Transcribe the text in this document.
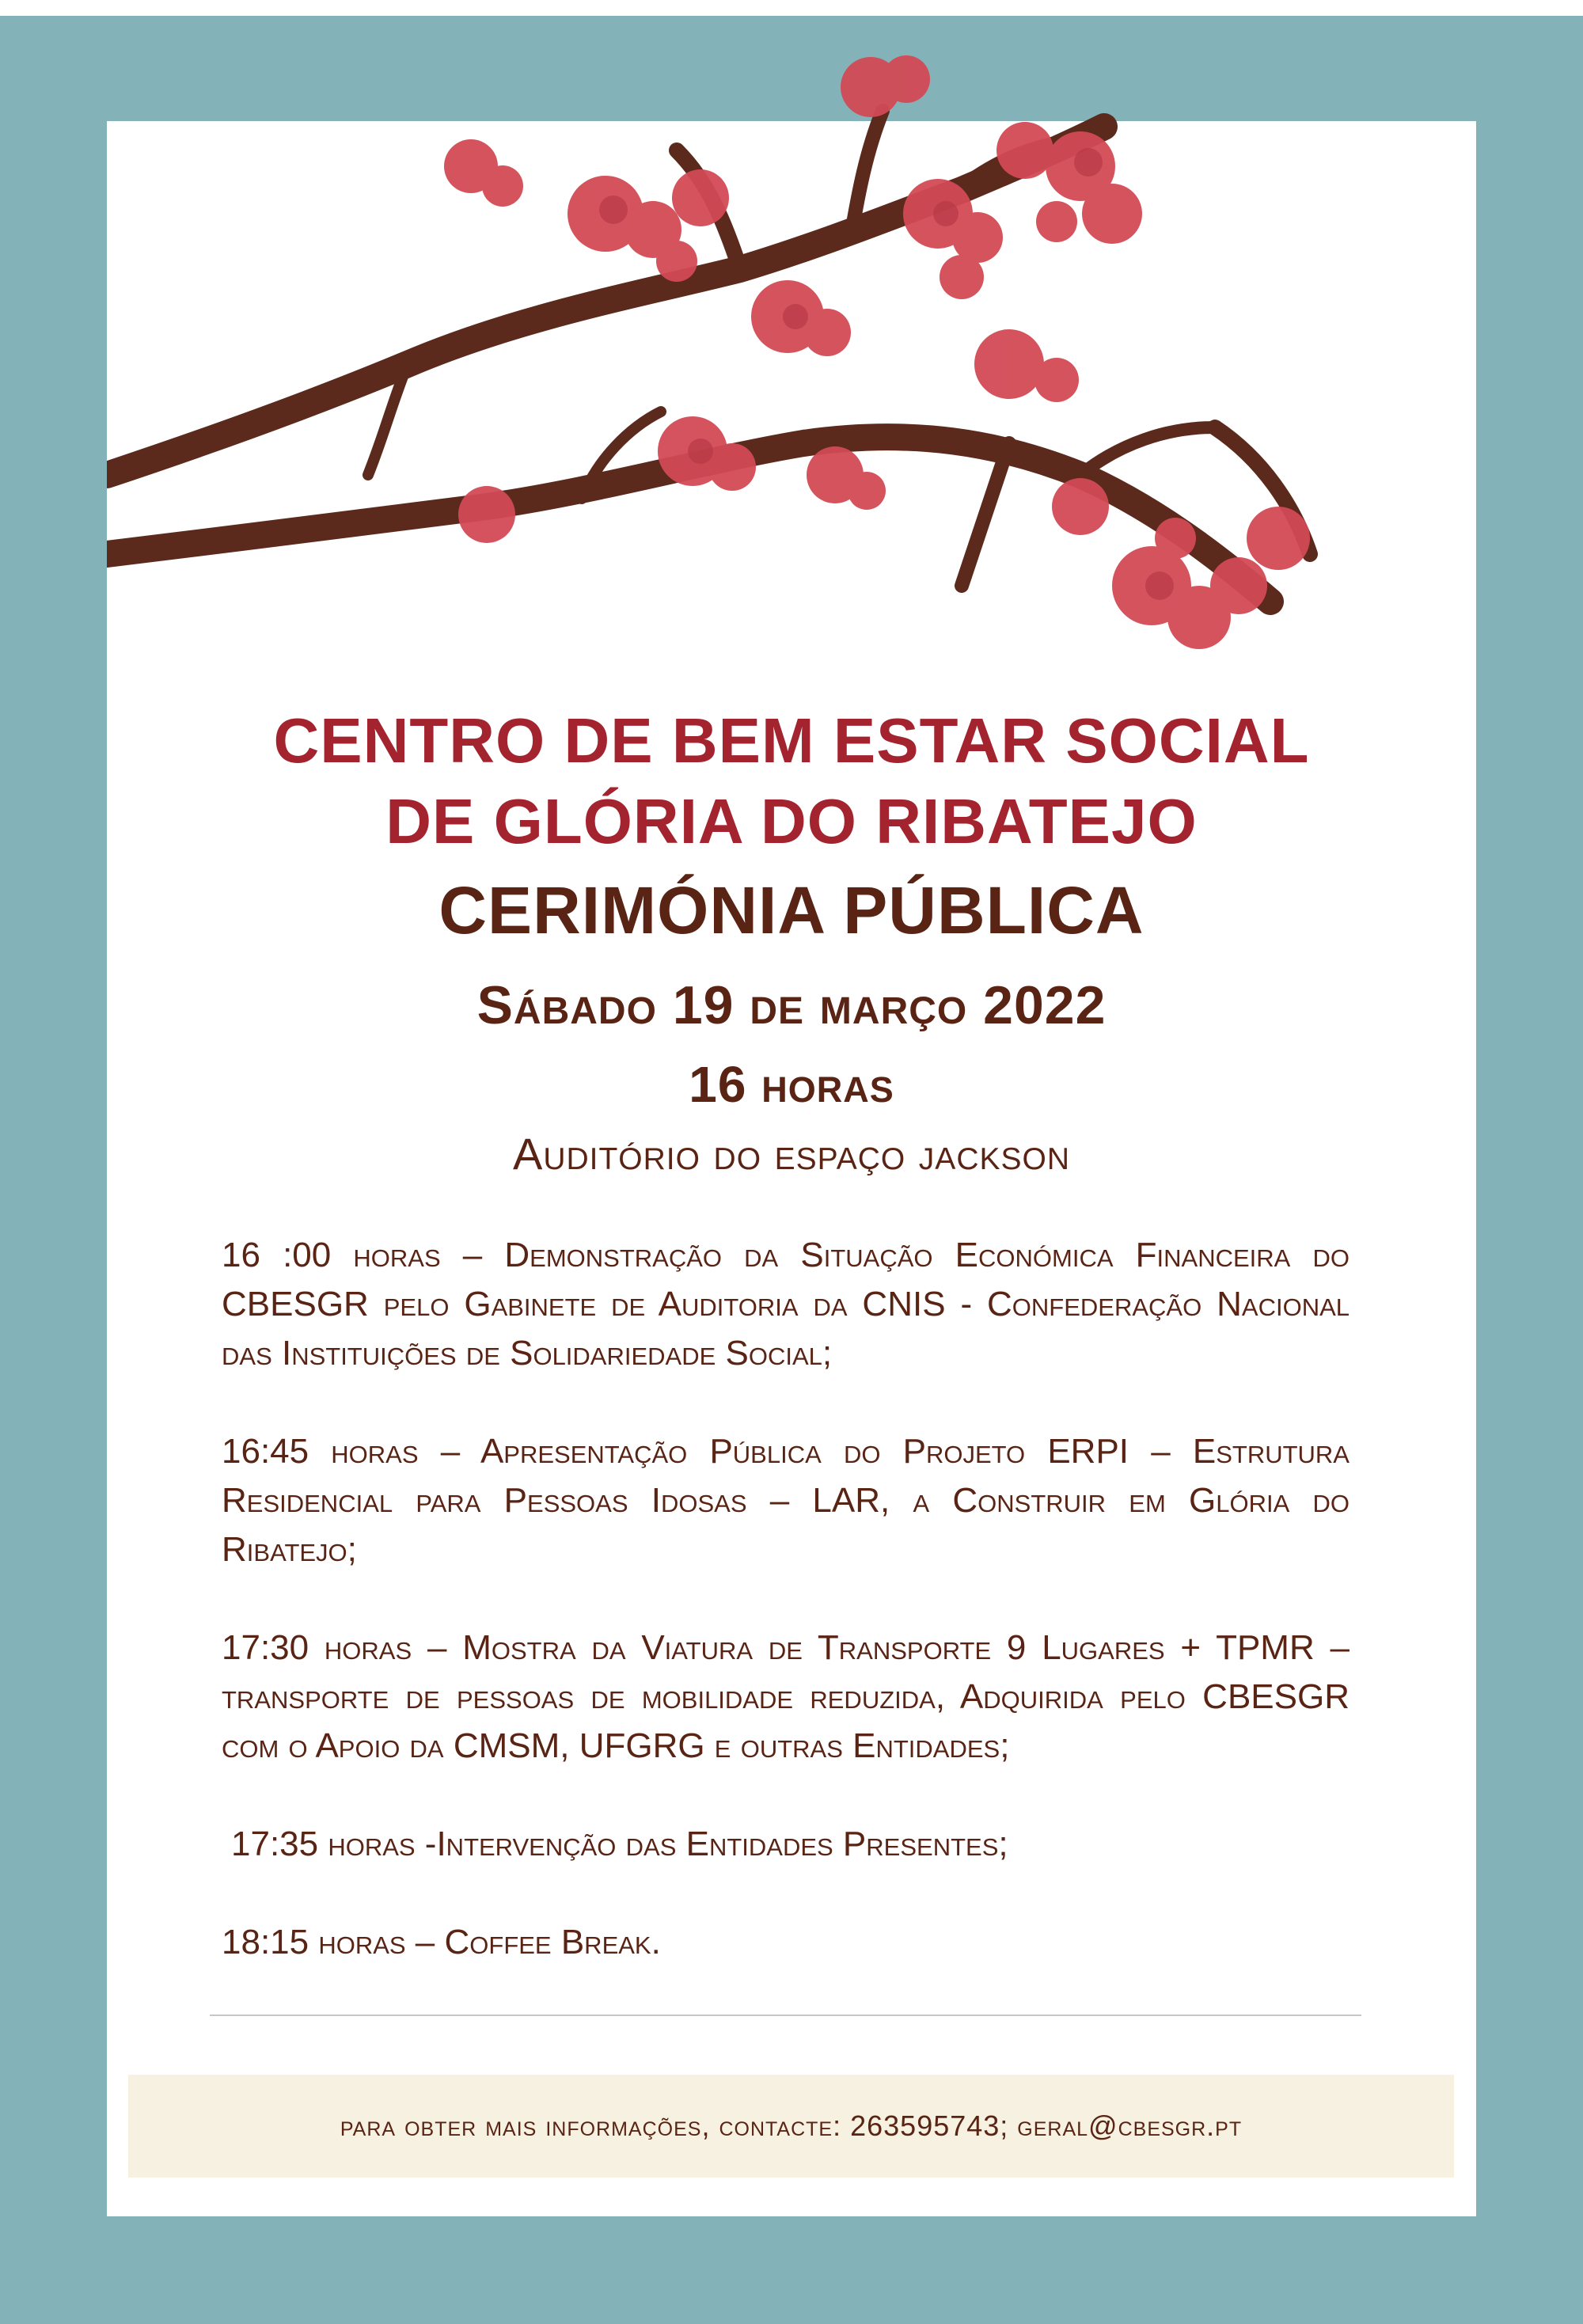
CENTRO DE BEM ESTAR SOCIAL
DE GLÓRIA DO RIBATEJO
CERIMÓNIA PÚBLICA
Sábado 19 de março 2022
16 horas
Auditório do espaço jackson

16 :00 horas – Demonstração da Situação Económica Financeira do CBESGR pelo Gabinete de Auditoria da CNIS - Confederação Nacional das Instituições de Solidariedade Social;

16:45 horas – Apresentação Pública do Projeto ERPI – Estrutura Residencial para Pessoas Idosas – LAR, a Construir em Glória do Ribatejo;

17:30 horas – Mostra da Viatura de Transporte 9 Lugares + TPMR – transporte de pessoas de mobilidade reduzida, Adquirida pelo CBESGR com o Apoio da CMSM, UFGRG e outras Entidades;

17:35 horas -Intervenção das Entidades Presentes;

18:15 horas – Coffee Break.

para obter mais informações, contacte: 263595743; geral@cbesgr.pt
